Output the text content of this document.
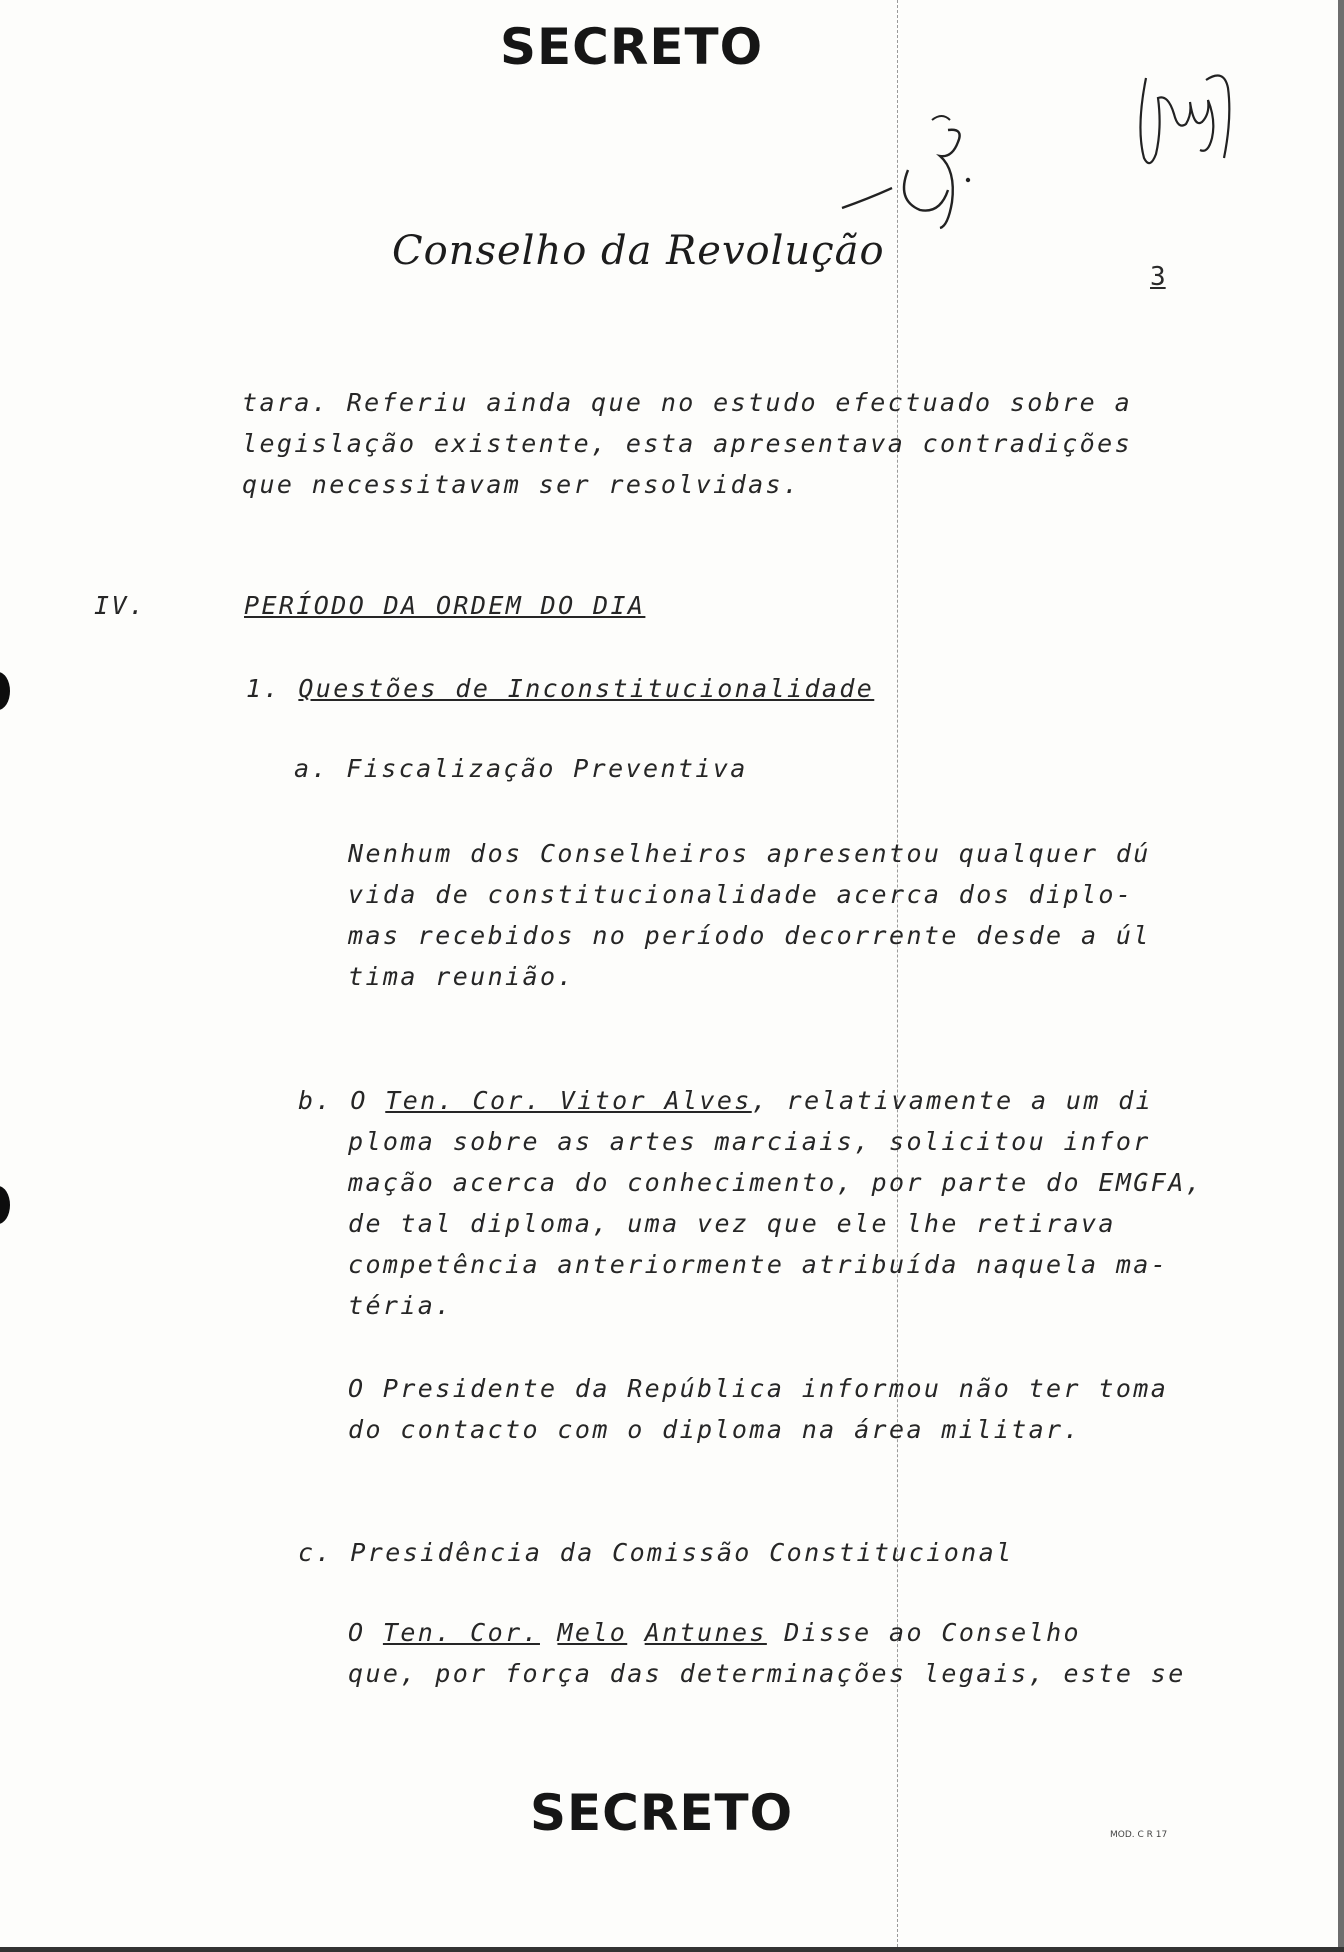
SECRETO
Conselho da Revolução
3
tara. Referiu ainda que no estudo efectuado sobre a
legislação existente, esta apresentava contradições
que necessitavam ser resolvidas.
IV.	PERÍODO DA ORDEM DO DIA
1. Questões de Inconstitucionalidade
a. Fiscalização Preventiva
Nenhum dos Conselheiros apresentou qualquer dú
vida de constitucionalidade acerca dos diplo-
mas recebidos no período decorrente desde a úl
tima reunião.
b. O Ten. Cor. Vitor Alves, relativamente a um di
ploma sobre as artes marciais, solicitou infor
mação acerca do conhecimento, por parte do EMGFA,
de tal diploma, uma vez que ele lhe retirava
competência anteriormente atribuída naquela ma-
téria.
O Presidente da República informou não ter toma
do contacto com o diploma na área militar.
c. Presidência da Comissão Constitucional
O Ten. Cor. Melo Antunes Disse ao Conselho
que, por força das determinações legais, este se
SECRETO	MOD. C R 17
